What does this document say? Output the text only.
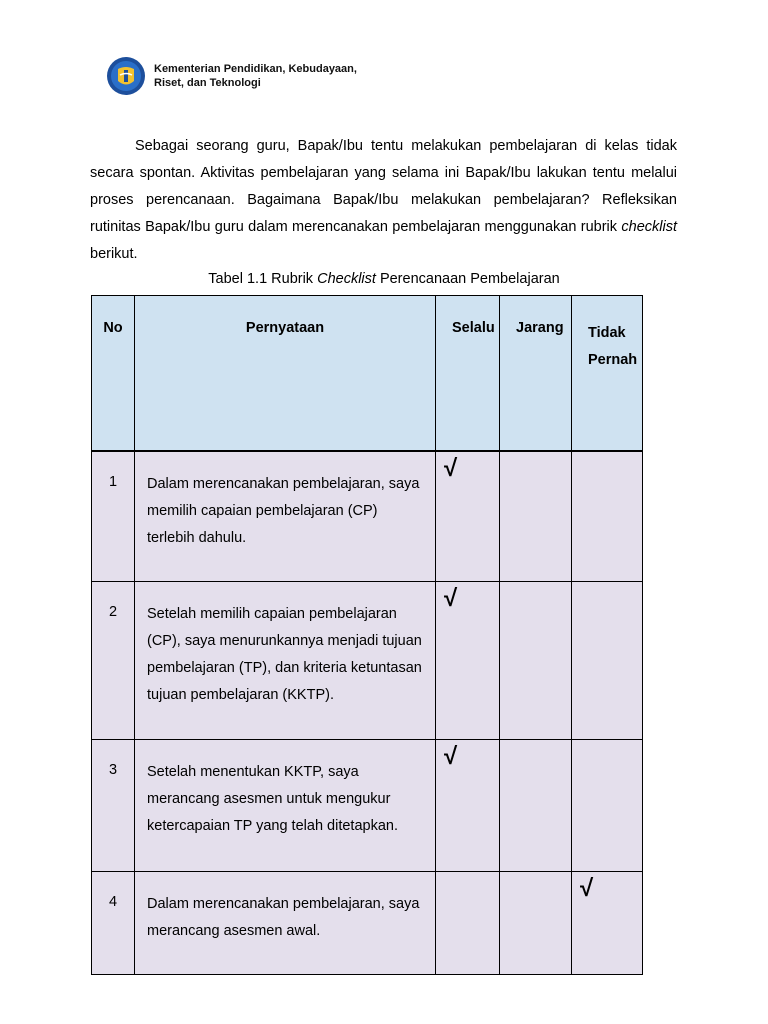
Kementerian Pendidikan, Kebudayaan,
Riset, dan Teknologi

Sebagai seorang guru, Bapak/Ibu tentu melakukan pembelajaran di kelas tidak secara spontan. Aktivitas pembelajaran yang selama ini Bapak/Ibu lakukan tentu melalui proses perencanaan. Bagaimana Bapak/Ibu melakukan pembelajaran? Refleksikan rutinitas Bapak/Ibu guru dalam merencanakan pembelajaran menggunakan rubrik checklist berikut.

Tabel 1.1 Rubrik Checklist Perencanaan Pembelajaran
No	Pernyataan	Selalu	Jarang	Tidak Pernah
1	Dalam merencanakan pembelajaran, saya memilih capaian pembelajaran (CP) terlebih dahulu.	√		
2	Setelah memilih capaian pembelajaran (CP), saya menurunkannya menjadi tujuan pembelajaran (TP), dan kriteria ketuntasan tujuan pembelajaran (KKTP).	√		
3	Setelah menentukan KKTP, saya merancang asesmen untuk mengukur ketercapaian TP yang telah ditetapkan.	√		
4	Dalam merencanakan pembelajaran, saya merancang asesmen awal.			√
